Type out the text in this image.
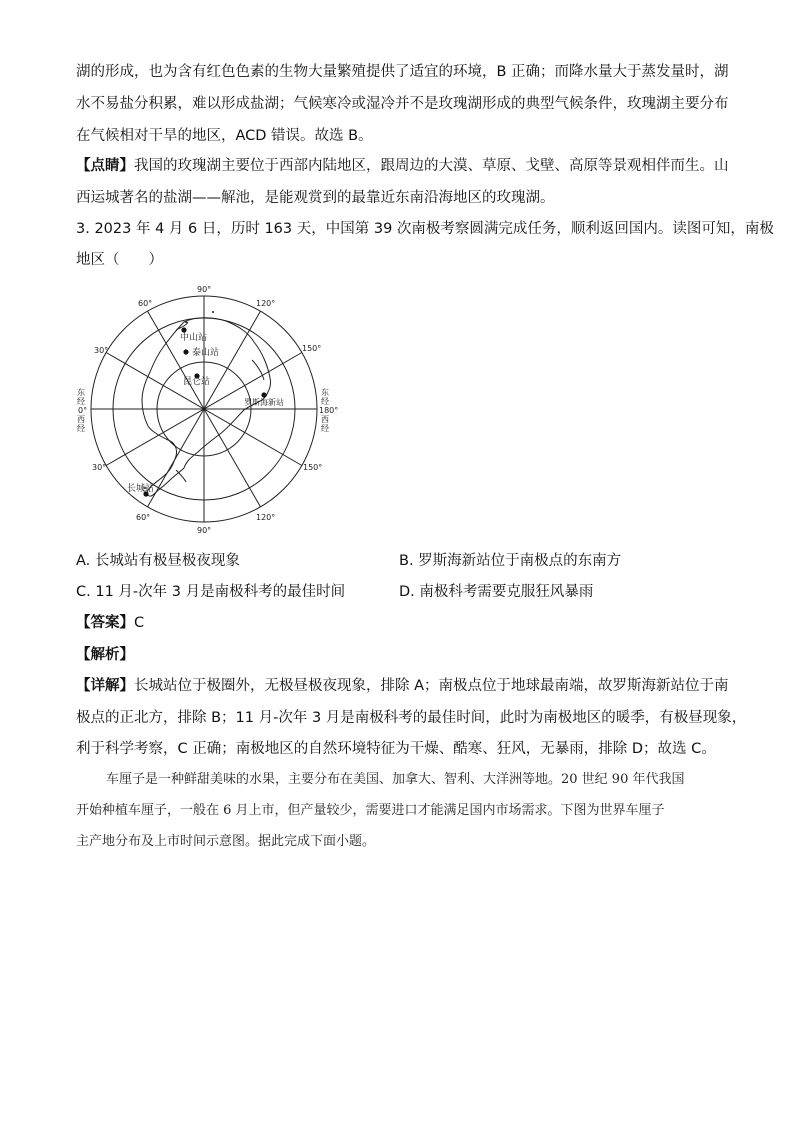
湖的形成，也为含有红色色素的生物大量繁殖提供了适宜的环境，B 正确；而降水量大于蒸发量时，湖
水不易盐分积累，难以形成盐湖；气候寒冷或湿冷并不是玫瑰湖形成的典型气候条件，玫瑰湖主要分布
在气候相对干旱的地区，ACD 错误。故选 B。
【点睛】我国的玫瑰湖主要位于西部内陆地区，跟周边的大漠、草原、戈壁、高原等景观相伴而生。山
西运城著名的盐湖——解池，是能观赏到的最靠近东南沿海地区的玫瑰湖。
3. 2023 年 4 月 6 日，历时 163 天，中国第 39 次南极考察圆满完成任务，顺利返回国内。读图可知，南极
地区（　　）
中山站
泰山站
昆仑站
罗斯海新站
长城站
90°
60°	120°
30°	150°
30°	150°
60°
90°
120°
东
经
0°
西
经
东
经
180°
西
经
A. 长城站有极昼极夜现象	B. 罗斯海新站位于南极点的东南方
C. 11 月-次年 3 月是南极科考的最佳时间	D. 南极科考需要克服狂风暴雨
【答案】C
【解析】
【详解】长城站位于极圈外，无极昼极夜现象，排除 A；南极点位于地球最南端，故罗斯海新站位于南
极点的正北方，排除 B；11 月-次年 3 月是南极科考的最佳时间，此时为南极地区的暖季，有极昼现象，
利于科学考察，C 正确；南极地区的自然环境特征为干燥、酷寒、狂风，无暴雨，排除 D；故选 C。
车厘子是一种鲜甜美味的水果，主要分布在美国、加拿大、智利、大洋洲等地。20 世纪 90 年代我国
开始种植车厘子，一般在 6 月上市，但产量较少，需要进口才能满足国内市场需求。下图为世界车厘子
主产地分布及上市时间示意图。据此完成下面小题。
